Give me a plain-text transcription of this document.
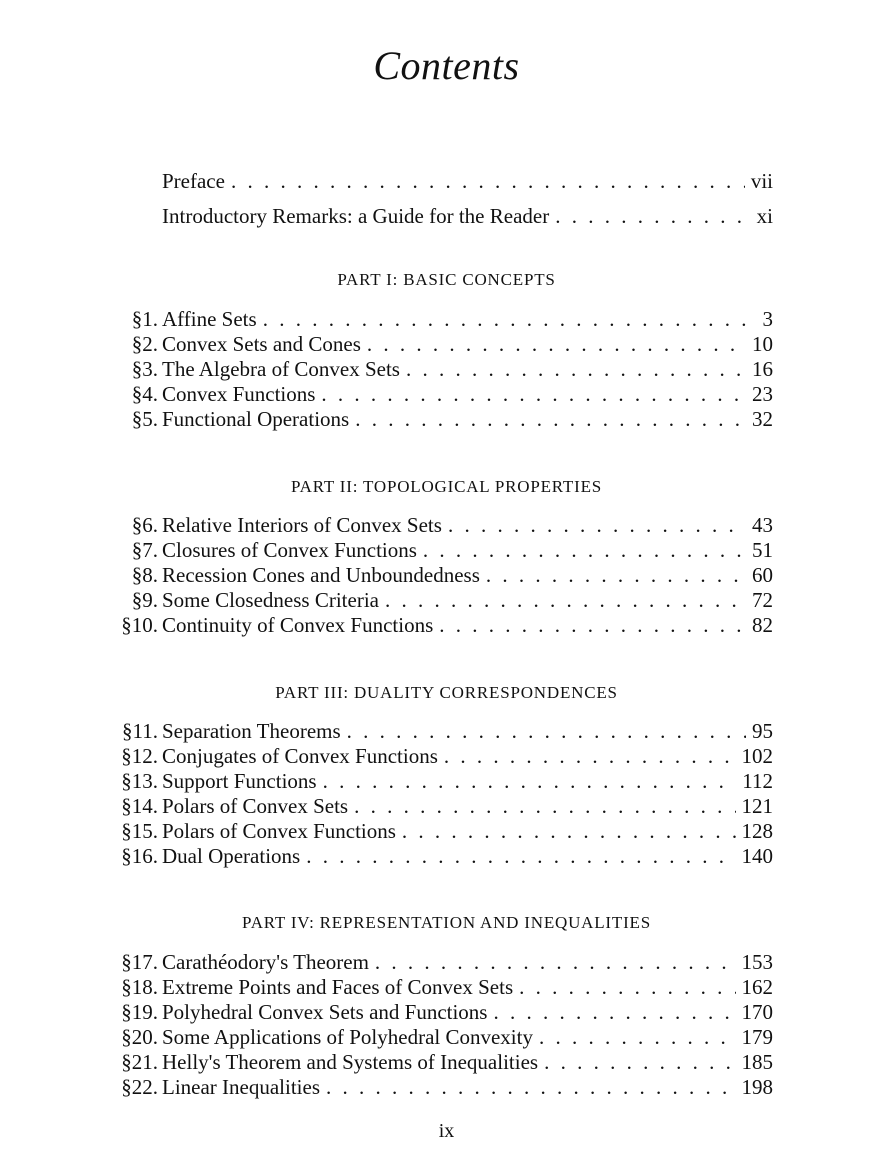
Contents
Preface . . .	vii
Introductory Remarks: a Guide for the Reader . . .	xi
PART I: BASIC CONCEPTS
§1. Affine Sets . . .	3
§2. Convex Sets and Cones . . .	10
§3. The Algebra of Convex Sets . . .	16
§4. Convex Functions . . .	23
§5. Functional Operations . . .	32
PART II: TOPOLOGICAL PROPERTIES
§6. Relative Interiors of Convex Sets . . .	43
§7. Closures of Convex Functions . . .	51
§8. Recession Cones and Unboundedness . . .	60
§9. Some Closedness Criteria . . .	72
§10. Continuity of Convex Functions . . .	82
PART III: DUALITY CORRESPONDENCES
§11. Separation Theorems . . .	95
§12. Conjugates of Convex Functions . . .	102
§13. Support Functions . . .	112
§14. Polars of Convex Sets . . .	121
§15. Polars of Convex Functions . . .	128
§16. Dual Operations . . .	140
PART IV: REPRESENTATION AND INEQUALITIES
§17. Carathéodory's Theorem . . .	153
§18. Extreme Points and Faces of Convex Sets . . .	162
§19. Polyhedral Convex Sets and Functions . . .	170
§20. Some Applications of Polyhedral Convexity . . .	179
§21. Helly's Theorem and Systems of Inequalities . . .	185
§22. Linear Inequalities . . .	198
ix
